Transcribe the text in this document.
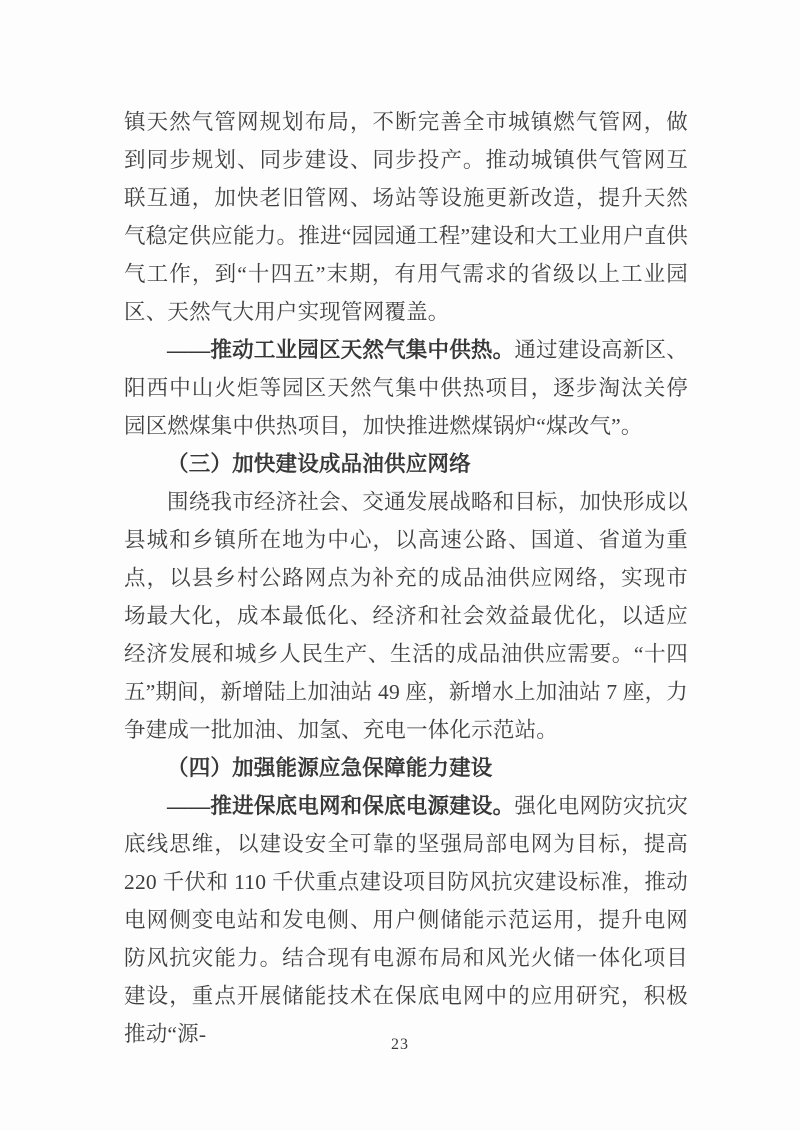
镇天然气管网规划布局，不断完善全市城镇燃气管网，做到同步规划、同步建设、同步投产。推动城镇供气管网互联互通，加快老旧管网、场站等设施更新改造，提升天然气稳定供应能力。推进“园园通工程”建设和大工业用户直供气工作，到“十四五”末期，有用气需求的省级以上工业园区、天然气大用户实现管网覆盖。

——推动工业园区天然气集中供热。通过建设高新区、阳西中山火炬等园区天然气集中供热项目，逐步淘汰关停园区燃煤集中供热项目，加快推进燃煤锅炉“煤改气”。

（三）加快建设成品油供应网络

围绕我市经济社会、交通发展战略和目标，加快形成以县城和乡镇所在地为中心，以高速公路、国道、省道为重点，以县乡村公路网点为补充的成品油供应网络，实现市场最大化，成本最低化、经济和社会效益最优化，以适应经济发展和城乡人民生产、生活的成品油供应需要。“十四五”期间，新增陆上加油站 49 座，新增水上加油站 7 座，力争建成一批加油、加氢、充电一体化示范站。

（四）加强能源应急保障能力建设

——推进保底电网和保底电源建设。强化电网防灾抗灾底线思维，以建设安全可靠的坚强局部电网为目标，提高 220 千伏和 110 千伏重点建设项目防风抗灾建设标准，推动电网侧变电站和发电侧、用户侧储能示范运用，提升电网防风抗灾能力。结合现有电源布局和风光火储一体化项目建设，重点开展储能技术在保底电网中的应用研究，积极推动“源-	23
